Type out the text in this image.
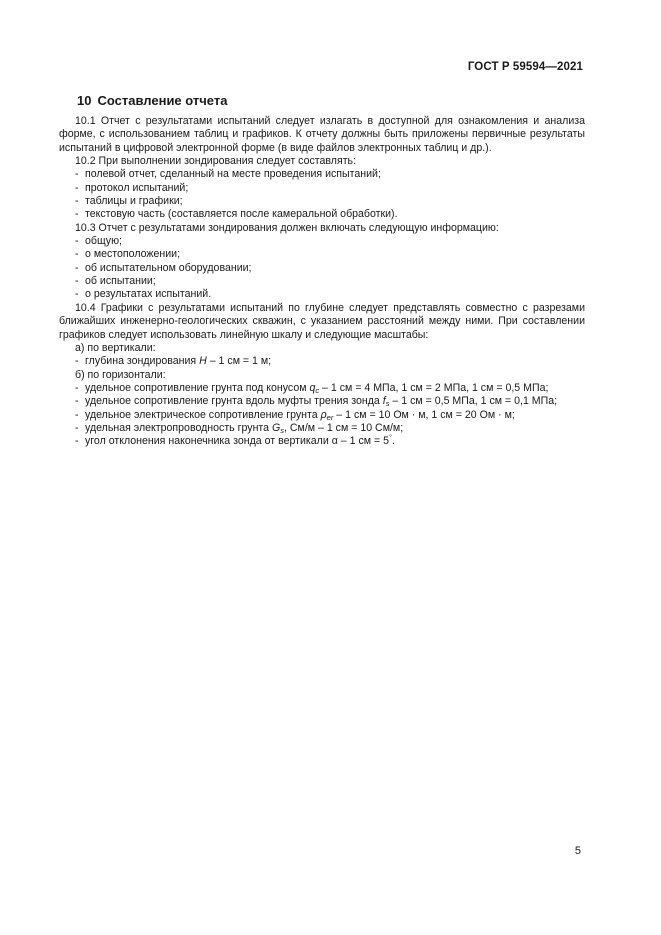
ГОСТ Р 59594—2021
10 Составление отчета

10.1 Отчет с результатами испытаний следует излагать в доступной для ознакомления и анализа форме, с использованием таблиц и графиков. К отчету должны быть приложены первичные результаты испытаний в цифровой электронной форме (в виде файлов электронных таблиц и др.).

10.2 При выполнении зондирования следует составлять:

- полевой отчет, сделанный на месте проведения испытаний;

- протокол испытаний;

- таблицы и графики;

- текстовую часть (составляется после камеральной обработки).

10.3 Отчет с результатами зондирования должен включать следующую информацию:

- общую;

- о местоположении;

- об испытательном оборудовании;

- об испытании;

- о результатах испытаний.

10.4 Графики с результатами испытаний по глубине следует представлять совместно с разрезами ближайших инженерно-геологических скважин, с указанием расстояний между ними. При составлении графиков следует использовать линейную шкалу и следующие масштабы:

а) по вертикали:

- глубина зондирования H – 1 см = 1 м;

б) по горизонтали:

- удельное сопротивление грунта под конусом $q_c - 1$ см = 4 МПа, 1 см = 2 МПа, 1 см = 0,5 МПа;

- удельное сопротивление грунта вдоль муфты трения зонда $f_s - 1$ см = 0,5 МПа, 1 см = 0,1 МПа;

- удельное электрическое сопротивление грунта $\rho_{er} - 1$ см = 10 Ом · м, 1 см = 20 Ом · м;

- удельная электропроводность грунта $G_s$, См/м – 1 см = 10 См/м;

- угол отклонения наконечника зонда от вертикали α – 1 см = 5°.

5
